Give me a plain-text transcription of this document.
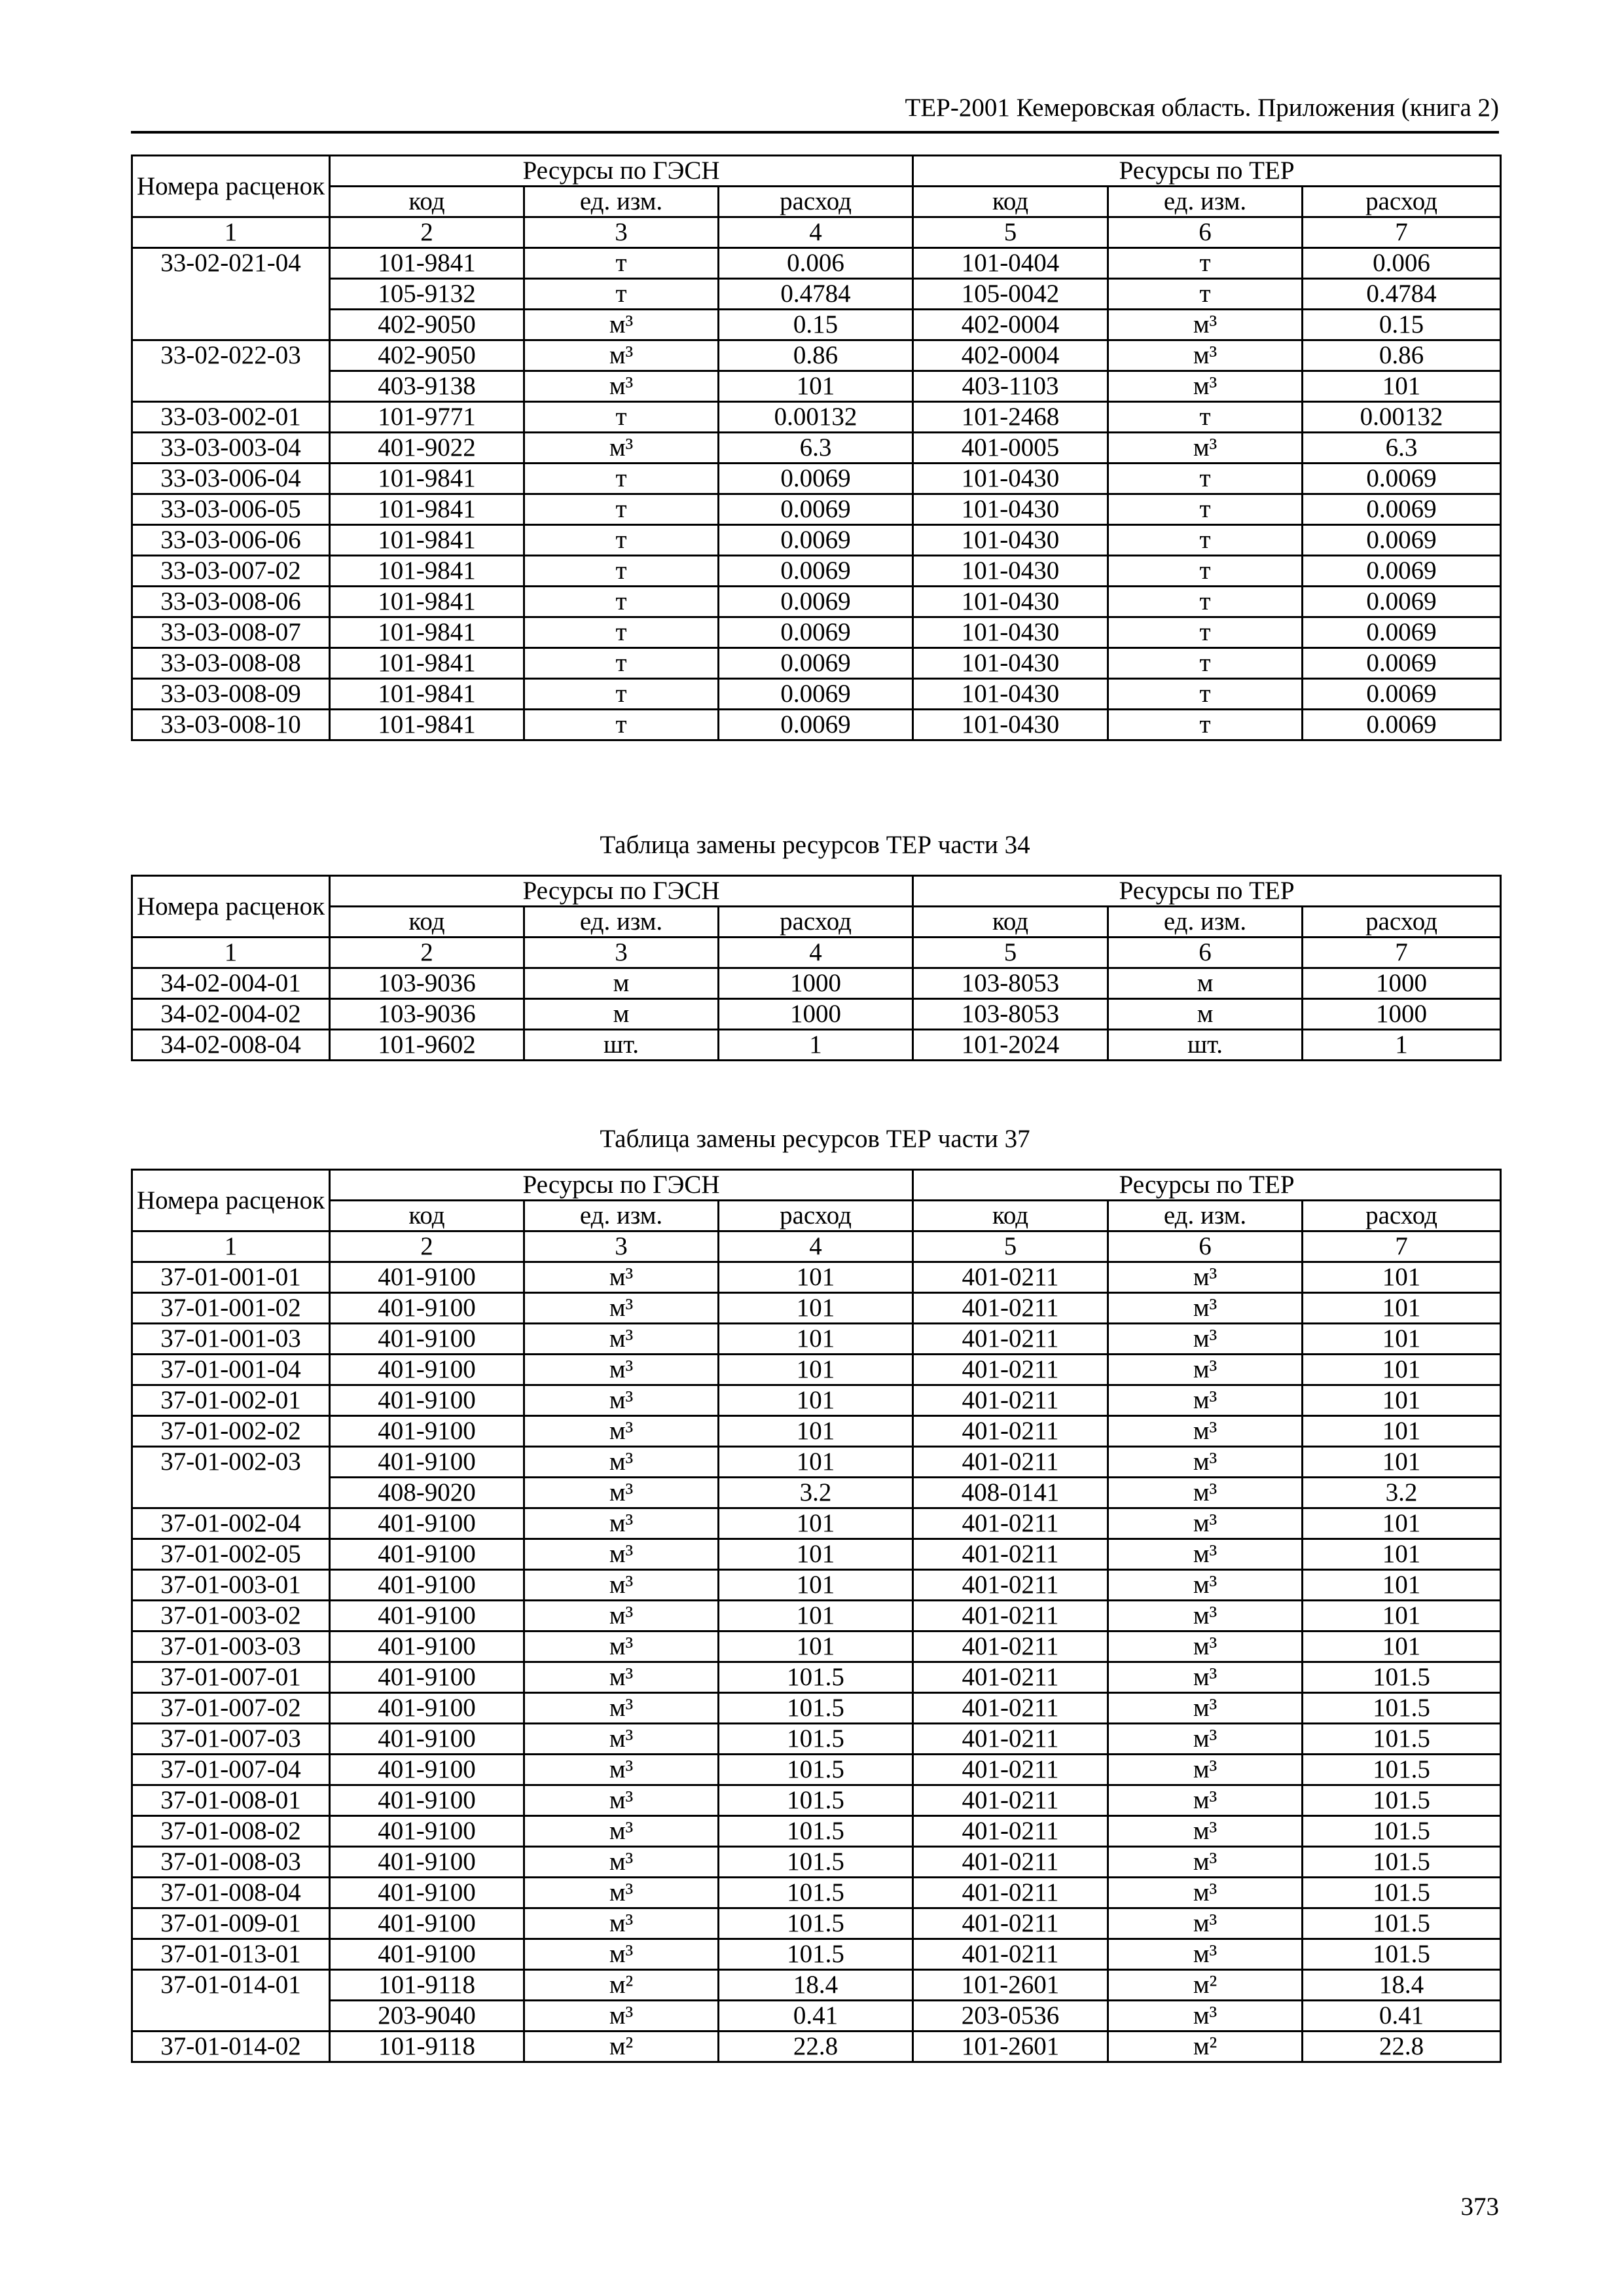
ТЕР-2001 Кемеровская область. Приложения (книга 2)
Номера расценок	Ресурсы по ГЭСН			Ресурсы по ТЕР		
	код	ед. изм.	расход	код	ед. изм.	расход
1	2	3	4	5	6	7
33-02-021-04	101-9841	т	0.006	101-0404	т	0.006
	105-9132	т	0.4784	105-0042	т	0.4784
	402-9050	м³	0.15	402-0004	м³	0.15
33-02-022-03	402-9050	м³	0.86	402-0004	м³	0.86
	403-9138	м³	101	403-1103	м³	101
33-03-002-01	101-9771	т	0.00132	101-2468	т	0.00132
33-03-003-04	401-9022	м³	6.3	401-0005	м³	6.3
33-03-006-04	101-9841	т	0.0069	101-0430	т	0.0069
33-03-006-05	101-9841	т	0.0069	101-0430	т	0.0069
33-03-006-06	101-9841	т	0.0069	101-0430	т	0.0069
33-03-007-02	101-9841	т	0.0069	101-0430	т	0.0069
33-03-008-06	101-9841	т	0.0069	101-0430	т	0.0069
33-03-008-07	101-9841	т	0.0069	101-0430	т	0.0069
33-03-008-08	101-9841	т	0.0069	101-0430	т	0.0069
33-03-008-09	101-9841	т	0.0069	101-0430	т	0.0069
33-03-008-10	101-9841	т	0.0069	101-0430	т	0.0069
Таблица замены ресурсов ТЕР части 34
Номера расценок	Ресурсы по ГЭСН			Ресурсы по ТЕР		
	код	ед. изм.	расход	код	ед. изм.	расход
1	2	3	4	5	6	7
34-02-004-01	103-9036	м	1000	103-8053	м	1000
34-02-004-02	103-9036	м	1000	103-8053	м	1000
34-02-008-04	101-9602	шт.	1	101-2024	шт.	1
Таблица замены ресурсов ТЕР части 37
Номера расценок	Ресурсы по ГЭСН			Ресурсы по ТЕР		
	код	ед. изм.	расход	код	ед. изм.	расход
1	2	3	4	5	6	7
37-01-001-01	401-9100	м³	101	401-0211	м³	101
37-01-001-02	401-9100	м³	101	401-0211	м³	101
37-01-001-03	401-9100	м³	101	401-0211	м³	101
37-01-001-04	401-9100	м³	101	401-0211	м³	101
37-01-002-01	401-9100	м³	101	401-0211	м³	101
37-01-002-02	401-9100	м³	101	401-0211	м³	101
37-01-002-03	401-9100	м³	101	401-0211	м³	101
	408-9020	м³	3.2	408-0141	м³	3.2
37-01-002-04	401-9100	м³	101	401-0211	м³	101
37-01-002-05	401-9100	м³	101	401-0211	м³	101
37-01-003-01	401-9100	м³	101	401-0211	м³	101
37-01-003-02	401-9100	м³	101	401-0211	м³	101
37-01-003-03	401-9100	м³	101	401-0211	м³	101
37-01-007-01	401-9100	м³	101.5	401-0211	м³	101.5
37-01-007-02	401-9100	м³	101.5	401-0211	м³	101.5
37-01-007-03	401-9100	м³	101.5	401-0211	м³	101.5
37-01-007-04	401-9100	м³	101.5	401-0211	м³	101.5
37-01-008-01	401-9100	м³	101.5	401-0211	м³	101.5
37-01-008-02	401-9100	м³	101.5	401-0211	м³	101.5
37-01-008-03	401-9100	м³	101.5	401-0211	м³	101.5
37-01-008-04	401-9100	м³	101.5	401-0211	м³	101.5
37-01-009-01	401-9100	м³	101.5	401-0211	м³	101.5
37-01-013-01	401-9100	м³	101.5	401-0211	м³	101.5
37-01-014-01	101-9118	м²	18.4	101-2601	м²	18.4
	203-9040	м³	0.41	203-0536	м³	0.41
37-01-014-02	101-9118	м²	22.8	101-2601	м²	22.8
373
